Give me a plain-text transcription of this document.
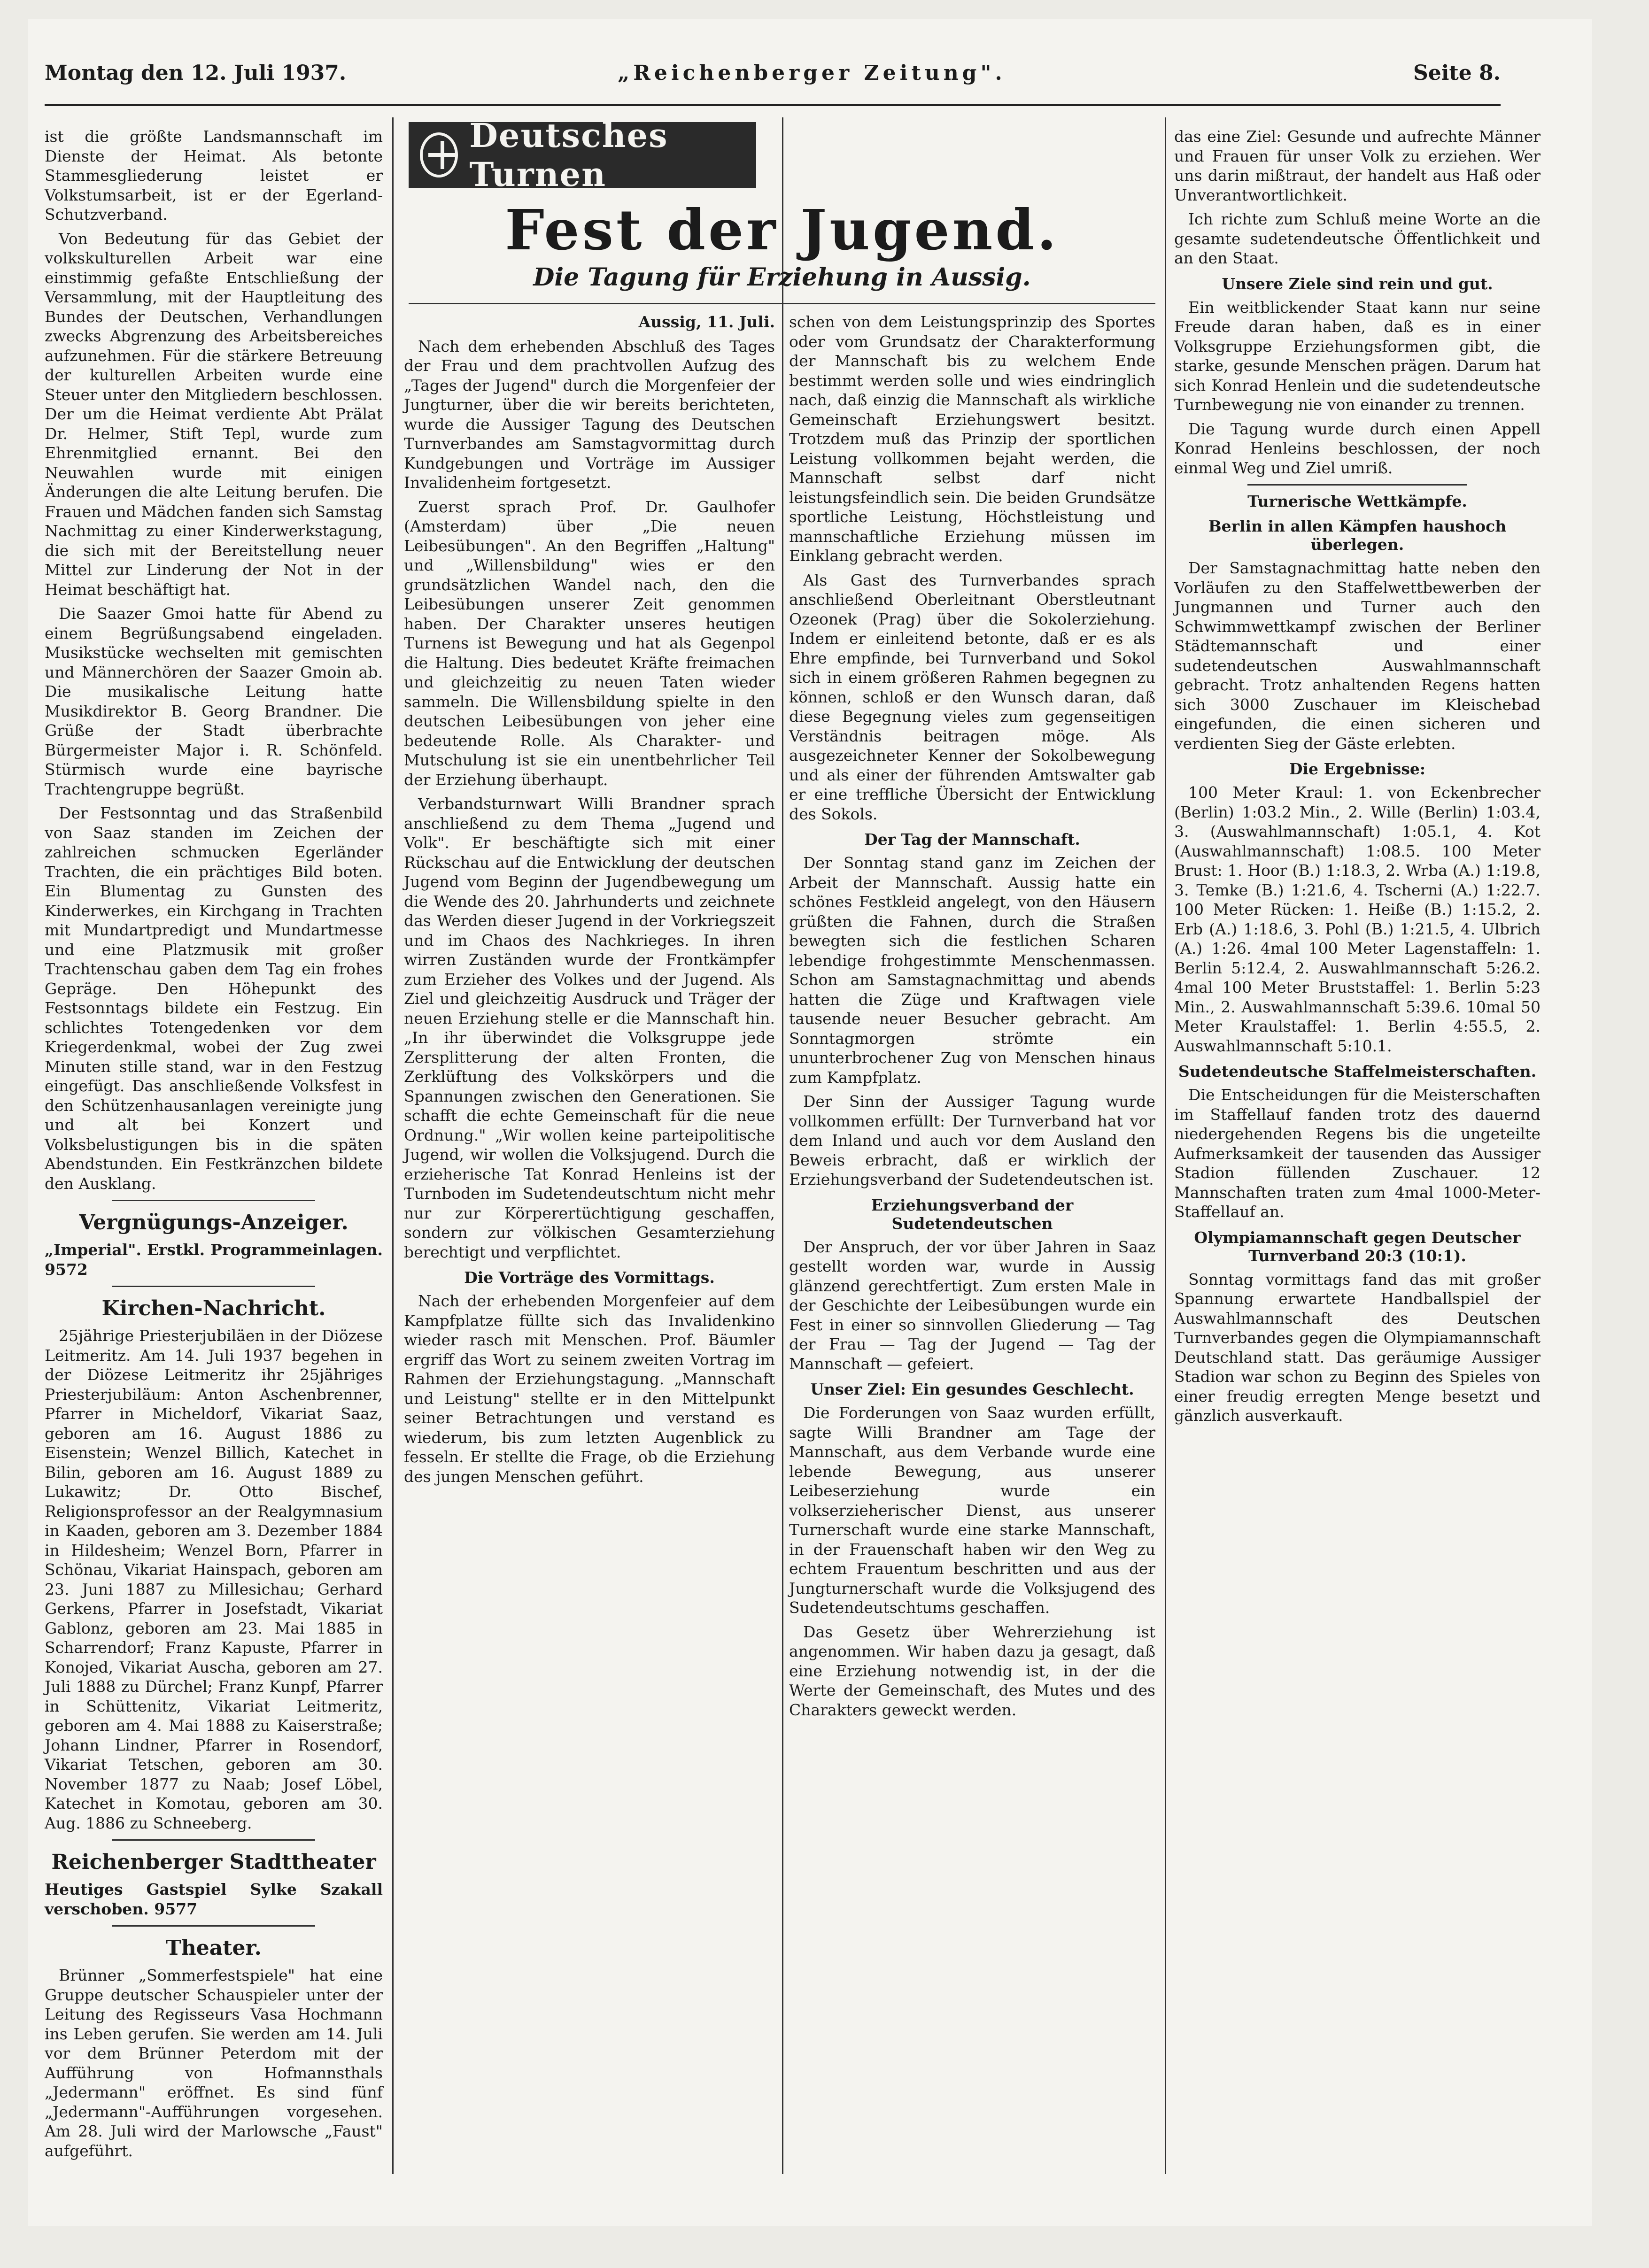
Montag den 12. Juli 1937.	„Reichenberger Zeitung".	Seite 8.

ist die größte Landsmannschaft im Dienste der Heimat. Als betonte Stammesgliederung leistet er Volkstumsarbeit, ist er der Egerland-Schutzverband.

Von Bedeutung für das Gebiet der volkskulturellen Arbeit war eine einstimmig gefaßte Entschließung der Versammlung, mit der Hauptleitung des Bundes der Deutschen, Verhandlungen zwecks Abgrenzung des Arbeitsbereiches aufzunehmen. Für die stärkere Betreuung der kulturellen Arbeiten wurde eine Steuer unter den Mitgliedern beschlossen. Der um die Heimat verdiente Abt Prälat Dr. Helmer, Stift Tepl, wurde zum Ehrenmitglied ernannt. Bei den Neuwahlen wurde mit einigen Änderungen die alte Leitung berufen. Die Frauen und Mädchen fanden sich Samstag Nachmittag zu einer Kinderwerkstagung, die sich mit der Bereitstellung neuer Mittel zur Linderung der Not in der Heimat beschäftigt hat.

Die Saazer Gmoi hatte für Abend zu einem Begrüßungsabend eingeladen. Musikstücke wechselten mit gemischten und Männerchören der Saazer Gmoin ab. Die musikalische Leitung hatte Musikdirektor B. Georg Brandner. Die Grüße der Stadt überbrachte Bürgermeister Major i. R. Schönfeld. Stürmisch wurde eine bayrische Trachtengruppe begrüßt.

Der Festsonntag und das Straßenbild von Saaz standen im Zeichen der zahlreichen schmucken Egerländer Trachten, die ein prächtiges Bild boten. Ein Blumentag zu Gunsten des Kinderwerkes, ein Kirchgang in Trachten mit Mundartpredigt und Mundartmesse und eine Platzmusik mit großer Trachtenschau gaben dem Tag ein frohes Gepräge. Den Höhepunkt des Festsonntags bildete ein Festzug. Ein schlichtes Totengedenken vor dem Kriegerdenkmal, wobei der Zug zwei Minuten stille stand, war in den Festzug eingefügt. Das anschließende Volksfest in den Schützenhausanlagen vereinigte jung und alt bei Konzert und Volksbelustigungen bis in die späten Abendstunden. Ein Festkränzchen bildete den Ausklang.

Vergnügungs-Anzeiger.

„Imperial". Erstkl. Programmeinlagen. 9572

Kirchen-Nachricht.

25jährige Priesterjubiläen in der Diözese Leitmeritz. Am 14. Juli 1937 begehen in der Diözese Leitmeritz ihr 25jähriges Priesterjubiläum: Anton Aschenbrenner, Pfarrer in Micheldorf, Vikariat Saaz, geboren am 16. August 1886 zu Eisenstein; Wenzel Billich, Katechet in Bilin, geboren am 16. August 1889 zu Lukawitz; Dr. Otto Bischef, Religionsprofessor an der Realgymnasium in Kaaden, geboren am 3. Dezember 1884 in Hildesheim; Wenzel Born, Pfarrer in Schönau, Vikariat Hainspach, geboren am 23. Juni 1887 zu Millesichau; Gerhard Gerkens, Pfarrer in Josefstadt, Vikariat Gablonz, geboren am 23. Mai 1885 in Scharrendorf; Franz Kapuste, Pfarrer in Konojed, Vikariat Auscha, geboren am 27. Juli 1888 zu Dürchel; Franz Kunpf, Pfarrer in Schüttenitz, Vikariat Leitmeritz, geboren am 4. Mai 1888 zu Kaiserstraße; Johann Lindner, Pfarrer in Rosendorf, Vikariat Tetschen, geboren am 30. November 1877 zu Naab; Josef Löbel, Katechet in Komotau, geboren am 30. Aug. 1886 zu Schneeberg.

Reichenberger Stadttheater

Heutiges Gastspiel Sylke Szakall verschoben. 9577

Theater.

Brünner „Sommerfestspiele" hat eine Gruppe deutscher Schauspieler unter der Leitung des Regisseurs Vasa Hochmann ins Leben gerufen. Sie werden am 14. Juli vor dem Brünner Peterdom mit der Aufführung von Hofmannsthals „Jedermann" eröffnet. Es sind fünf „Jedermann"-Aufführungen vorgesehen. Am 28. Juli wird der Marlowsche „Faust" aufgeführt.

Deutsches Turnen
Fest der Jugend.
Die Tagung für Erziehung in Aussig.

Aussig, 11. Juli.

Nach dem erhebenden Abschluß des Tages der Frau und dem prachtvollen Aufzug des „Tages der Jugend" durch die Morgenfeier der Jungturner, über die wir bereits berichteten, wurde die Aussiger Tagung des Deutschen Turnverbandes am Samstagvormittag durch Kundgebungen und Vorträge im Aussiger Invalidenheim fortgesetzt.

Zuerst sprach Prof. Dr. Gaulhofer (Amsterdam) über „Die neuen Leibesübungen". An den Begriffen „Haltung" und „Willensbildung" wies er den grundsätzlichen Wandel nach, den die Leibesübungen unserer Zeit genommen haben. Der Charakter unseres heutigen Turnens ist Bewegung und hat als Gegenpol die Haltung. Dies bedeutet Kräfte freimachen und gleichzeitig zu neuen Taten wieder sammeln. Die Willensbildung spielte in den deutschen Leibesübungen von jeher eine bedeutende Rolle. Als Charakter- und Mutschulung ist sie ein unentbehrlicher Teil der Erziehung überhaupt.

Verbandsturnwart Willi Brandner sprach anschließend zu dem Thema „Jugend und Volk". Er beschäftigte sich mit einer Rückschau auf die Entwicklung der deutschen Jugend vom Beginn der Jugendbewegung um die Wende des 20. Jahrhunderts und zeichnete das Werden dieser Jugend in der Vorkriegszeit und im Chaos des Nachkrieges. In ihren wirren Zuständen wurde der Frontkämpfer zum Erzieher des Volkes und der Jugend. Als Ziel und gleichzeitig Ausdruck und Träger der neuen Erziehung stelle er die Mannschaft hin. „In ihr überwindet die Volksgruppe jede Zersplitterung der alten Fronten, die Zerklüftung des Volkskörpers und die Spannungen zwischen den Generationen. Sie schafft die echte Gemeinschaft für die neue Ordnung." „Wir wollen keine parteipolitische Jugend, wir wollen die Volksjugend. Durch die erzieherische Tat Konrad Henleins ist der Turnboden im Sudetendeutschtum nicht mehr nur zur Körperertüchtigung geschaffen, sondern zur völkischen Gesamterziehung berechtigt und verpflichtet.

Die Vorträge des Vormittags.

Nach der erhebenden Morgenfeier auf dem Kampfplatze füllte sich das Invalidenkino wieder rasch mit Menschen. Prof. Bäumler ergriff das Wort zu seinem zweiten Vortrag im Rahmen der Erziehungstagung. „Mannschaft und Leistung" stellte er in den Mittelpunkt seiner Betrachtungen und verstand es wiederum, bis zum letzten Augenblick zu fesseln. Er stellte die Frage, ob die Erziehung des jungen Menschen geführt.

schen von dem Leistungsprinzip des Sportes oder vom Grundsatz der Charakterformung der Mannschaft bis zu welchem Ende bestimmt werden solle und wies eindringlich nach, daß einzig die Mannschaft als wirkliche Gemeinschaft Erziehungswert besitzt. Trotzdem muß das Prinzip der sportlichen Leistung vollkommen bejaht werden, die Mannschaft selbst darf nicht leistungsfeindlich sein. Die beiden Grundsätze sportliche Leistung, Höchstleistung und mannschaftliche Erziehung müssen im Einklang gebracht werden.

Als Gast des Turnverbandes sprach anschließend Oberleitnant Oberstleutnant Ozeonek (Prag) über die Sokolerziehung. Indem er einleitend betonte, daß er es als Ehre empfinde, bei Turnverband und Sokol sich in einem größeren Rahmen begegnen zu können, schloß er den Wunsch daran, daß diese Begegnung vieles zum gegenseitigen Verständnis beitragen möge. Als ausgezeichneter Kenner der Sokolbewegung und als einer der führenden Amtswalter gab er eine treffliche Übersicht der Entwicklung des Sokols.

Der Tag der Mannschaft.

Der Sonntag stand ganz im Zeichen der Arbeit der Mannschaft. Aussig hatte ein schönes Festkleid angelegt, von den Häusern grüßten die Fahnen, durch die Straßen bewegten sich die festlichen Scharen lebendige frohgestimmte Menschenmassen. Schon am Samstagnachmittag und abends hatten die Züge und Kraftwagen viele tausende neuer Besucher gebracht. Am Sonntagmorgen strömte ein ununterbrochener Zug von Menschen hinaus zum Kampfplatz.

Der Sinn der Aussiger Tagung wurde vollkommen erfüllt: Der Turnverband hat vor dem Inland und auch vor dem Ausland den Beweis erbracht, daß er wirklich der Erziehungsverband der Sudetendeutschen ist.

Erziehungsverband der Sudetendeutschen

Der Anspruch, der vor über Jahren in Saaz gestellt worden war, wurde in Aussig glänzend gerechtfertigt. Zum ersten Male in der Geschichte der Leibesübungen wurde ein Fest in einer so sinnvollen Gliederung — Tag der Frau — Tag der Jugend — Tag der Mannschaft — gefeiert.

Unser Ziel: Ein gesundes Geschlecht.

Die Forderungen von Saaz wurden erfüllt, sagte Willi Brandner am Tage der Mannschaft, aus dem Verbande wurde eine lebende Bewegung, aus unserer Leibeserziehung wurde ein volkserzieherischer Dienst, aus unserer Turnerschaft wurde eine starke Mannschaft, in der Frauenschaft haben wir den Weg zu echtem Frauentum beschritten und aus der Jungturnerschaft wurde die Volksjugend des Sudetendeutschtums geschaffen.

Das Gesetz über Wehrerziehung ist angenommen. Wir haben dazu ja gesagt, daß eine Erziehung notwendig ist, in der die Werte der Gemeinschaft, des Mutes und des Charakters geweckt werden.

das eine Ziel: Gesunde und aufrechte Männer und Frauen für unser Volk zu erziehen. Wer uns darin mißtraut, der handelt aus Haß oder Unverantwortlichkeit.

Ich richte zum Schluß meine Worte an die gesamte sudetendeutsche Öffentlichkeit und an den Staat.

Unsere Ziele sind rein und gut.

Ein weitblickender Staat kann nur seine Freude daran haben, daß es in einer Volksgruppe Erziehungsformen gibt, die starke, gesunde Menschen prägen. Darum hat sich Konrad Henlein und die sudetendeutsche Turnbewegung nie von einander zu trennen.

Die Tagung wurde durch einen Appell Konrad Henleins beschlossen, der noch einmal Weg und Ziel umriß.

Turnerische Wettkämpfe.
Berlin in allen Kämpfen haushoch überlegen.

Der Samstagnachmittag hatte neben den Vorläufen zu den Staffelwettbewerben der Jungmannen und Turner auch den Schwimmwettkampf zwischen der Berliner Städtemannschaft und einer sudetendeutschen Auswahlmannschaft gebracht. Trotz anhaltenden Regens hatten sich 3000 Zuschauer im Kleischebad eingefunden, die einen sicheren und verdienten Sieg der Gäste erlebten.

Die Ergebnisse:

100 Meter Kraul: 1. von Eckenbrecher (Berlin) 1:03.2 Min., 2. Wille (Berlin) 1:03.4, 3. (Auswahlmannschaft) 1:05.1, 4. Kot (Auswahlmannschaft) 1:08.5. 100 Meter Brust: 1. Hoor (B.) 1:18.3, 2. Wrba (A.) 1:19.8, 3. Temke (B.) 1:21.6, 4. Tscherni (A.) 1:22.7. 100 Meter Rücken: 1. Heiße (B.) 1:15.2, 2. Erb (A.) 1:18.6, 3. Pohl (B.) 1:21.5, 4. Ulbrich (A.) 1:26. 4mal 100 Meter Lagenstaffeln: 1. Berlin 5:12.4, 2. Auswahlmannschaft 5:26.2. 4mal 100 Meter Bruststaffel: 1. Berlin 5:23 Min., 2. Auswahlmannschaft 5:39.6. 10mal 50 Meter Kraulstaffel: 1. Berlin 4:55.5, 2. Auswahlmannschaft 5:10.1.

Sudetendeutsche Staffelmeisterschaften.

Die Entscheidungen für die Meisterschaften im Staffellauf fanden trotz des dauernd niedergehenden Regens bis die ungeteilte Aufmerksamkeit der tausenden das Aussiger Stadion füllenden Zuschauer. 12 Mannschaften traten zum 4mal 1000-Meter-Staffellauf an.

Olympiamannschaft gegen Deutscher Turnverband 20:3 (10:1).

Sonntag vormittags fand das mit großer Spannung erwartete Handballspiel der Auswahlmannschaft des Deutschen Turnverbandes gegen die Olympiamannschaft Deutschland statt. Das geräumige Aussiger Stadion war schon zu Beginn des Spieles von einer freudig erregten Menge besetzt und gänzlich ausverkauft.
